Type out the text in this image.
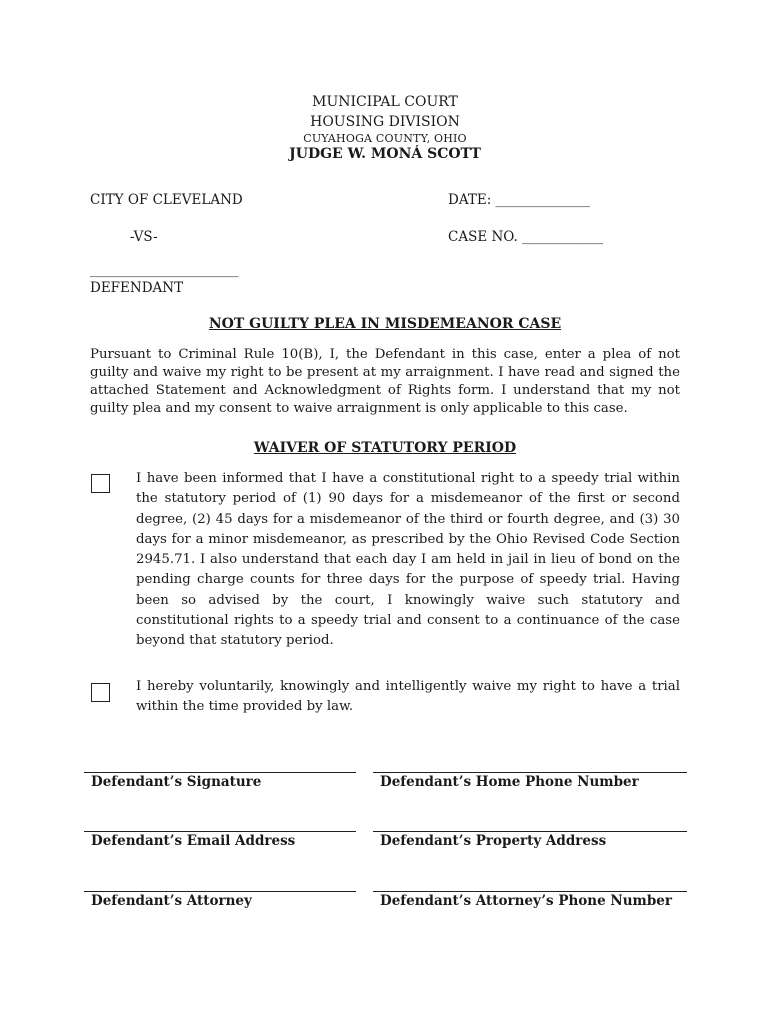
MUNICIPAL COURT
HOUSING DIVISION
CUYAHOGA COUNTY, OHIO
JUDGE W. MONÁ SCOTT
CITY OF CLEVELAND	DATE: ______________
-VS-	CASE NO. ____________
______________________
DEFENDANT
NOT GUILTY PLEA IN MISDEMEANOR CASE
Pursuant to Criminal Rule 10(B), I, the Defendant in this case, enter a plea of not guilty and waive my right to be present at my arraignment. I have read and signed the attached Statement and Acknowledgment of Rights form. I understand that my not guilty plea and my consent to waive arraignment is only applicable to this case.
WAIVER OF STATUTORY PERIOD
I have been informed that I have a constitutional right to a speedy trial within the statutory period of (1) 90 days for a misdemeanor of the first or second degree, (2) 45 days for a misdemeanor of the third or fourth degree, and (3) 30 days for a minor misdemeanor, as prescribed by the Ohio Revised Code Section 2945.71. I also understand that each day I am held in jail in lieu of bond on the pending charge counts for three days for the purpose of speedy trial. Having been so advised by the court, I knowingly waive such statutory and constitutional rights to a speedy trial and consent to a continuance of the case beyond that statutory period.
I hereby voluntarily, knowingly and intelligently waive my right to have a trial within the time provided by law.
Defendant’s Signature	Defendant’s Home Phone Number
Defendant’s Email Address	Defendant’s Property Address
Defendant’s Attorney	Defendant’s Attorney’s Phone Number
